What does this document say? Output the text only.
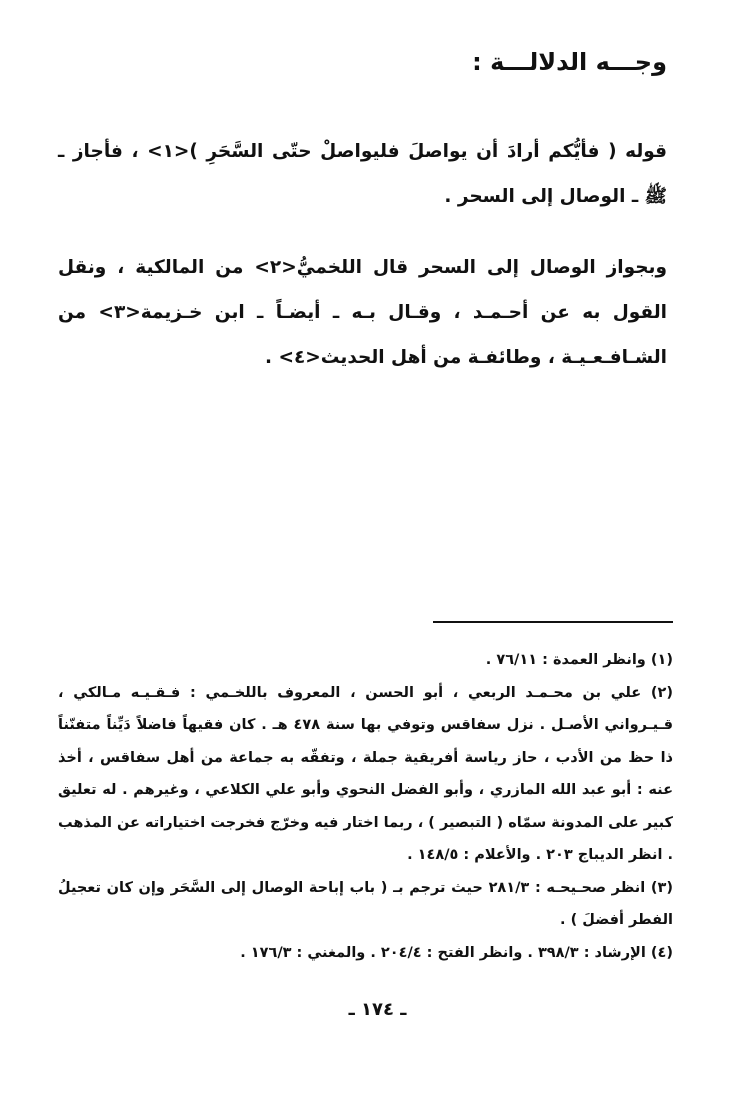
وجـــه الدلالـــة :

قوله ( فأيُّكم أرادَ أن يواصلَ فليواصلْ حتّى السَّحَرِ )<١> ، فأجاز ـ ﷺ ـ الوصال إلى السحر .

وبجواز الوصال إلى السحر قال اللخميُّ<٢> من المالكية ، ونقل القول به عن أحـمـد ، وقـال بـه ـ أيضـاً ـ ابن خـزيمة<٣> من الشـافـعـيـة ، وطائفـة من أهل الحديث<٤> .

(١) وانظر العمدة : ٧٦/١١ .

(٢) علي بن محـمـد الربعي ، أبو الحسن ، المعروف باللخـمي : فـقـيـه مـالكي ، قـيـرواني الأصـل . نزل سفاقس وتوفي بها سنة ٤٧٨ هـ . كان فقيهاً فاضلاً دَيِّناً متفنّناً ذا حظ من الأدب ، حاز رياسة أفريقية جملة ، وتفقّه به جماعة من أهل سفاقس ، أخذ عنه : أبو عبد الله المازري ، وأبو الفضل النحوي وأبو علي الكلاعي ، وغيرهم . له تعليق كبير على المدونة سمّاه ( التبصير ) ، ربما اختار فيه وخرّج فخرجت اختياراته عن المذهب . انظر الديباج ٢٠٣ . والأعلام : ١٤٨/٥ .

(٣) انظر صحـيحـه : ٢٨١/٣ حيث ترجم بـ ( باب إباحة الوصال إلى السَّحَر وإن كان تعجيلُ الفطر أفضلَ ) .

(٤) الإرشاد : ٣٩٨/٣ . وانظر الفتح : ٢٠٤/٤ . والمغني : ١٧٦/٣ .

ـ ١٧٤ ـ
